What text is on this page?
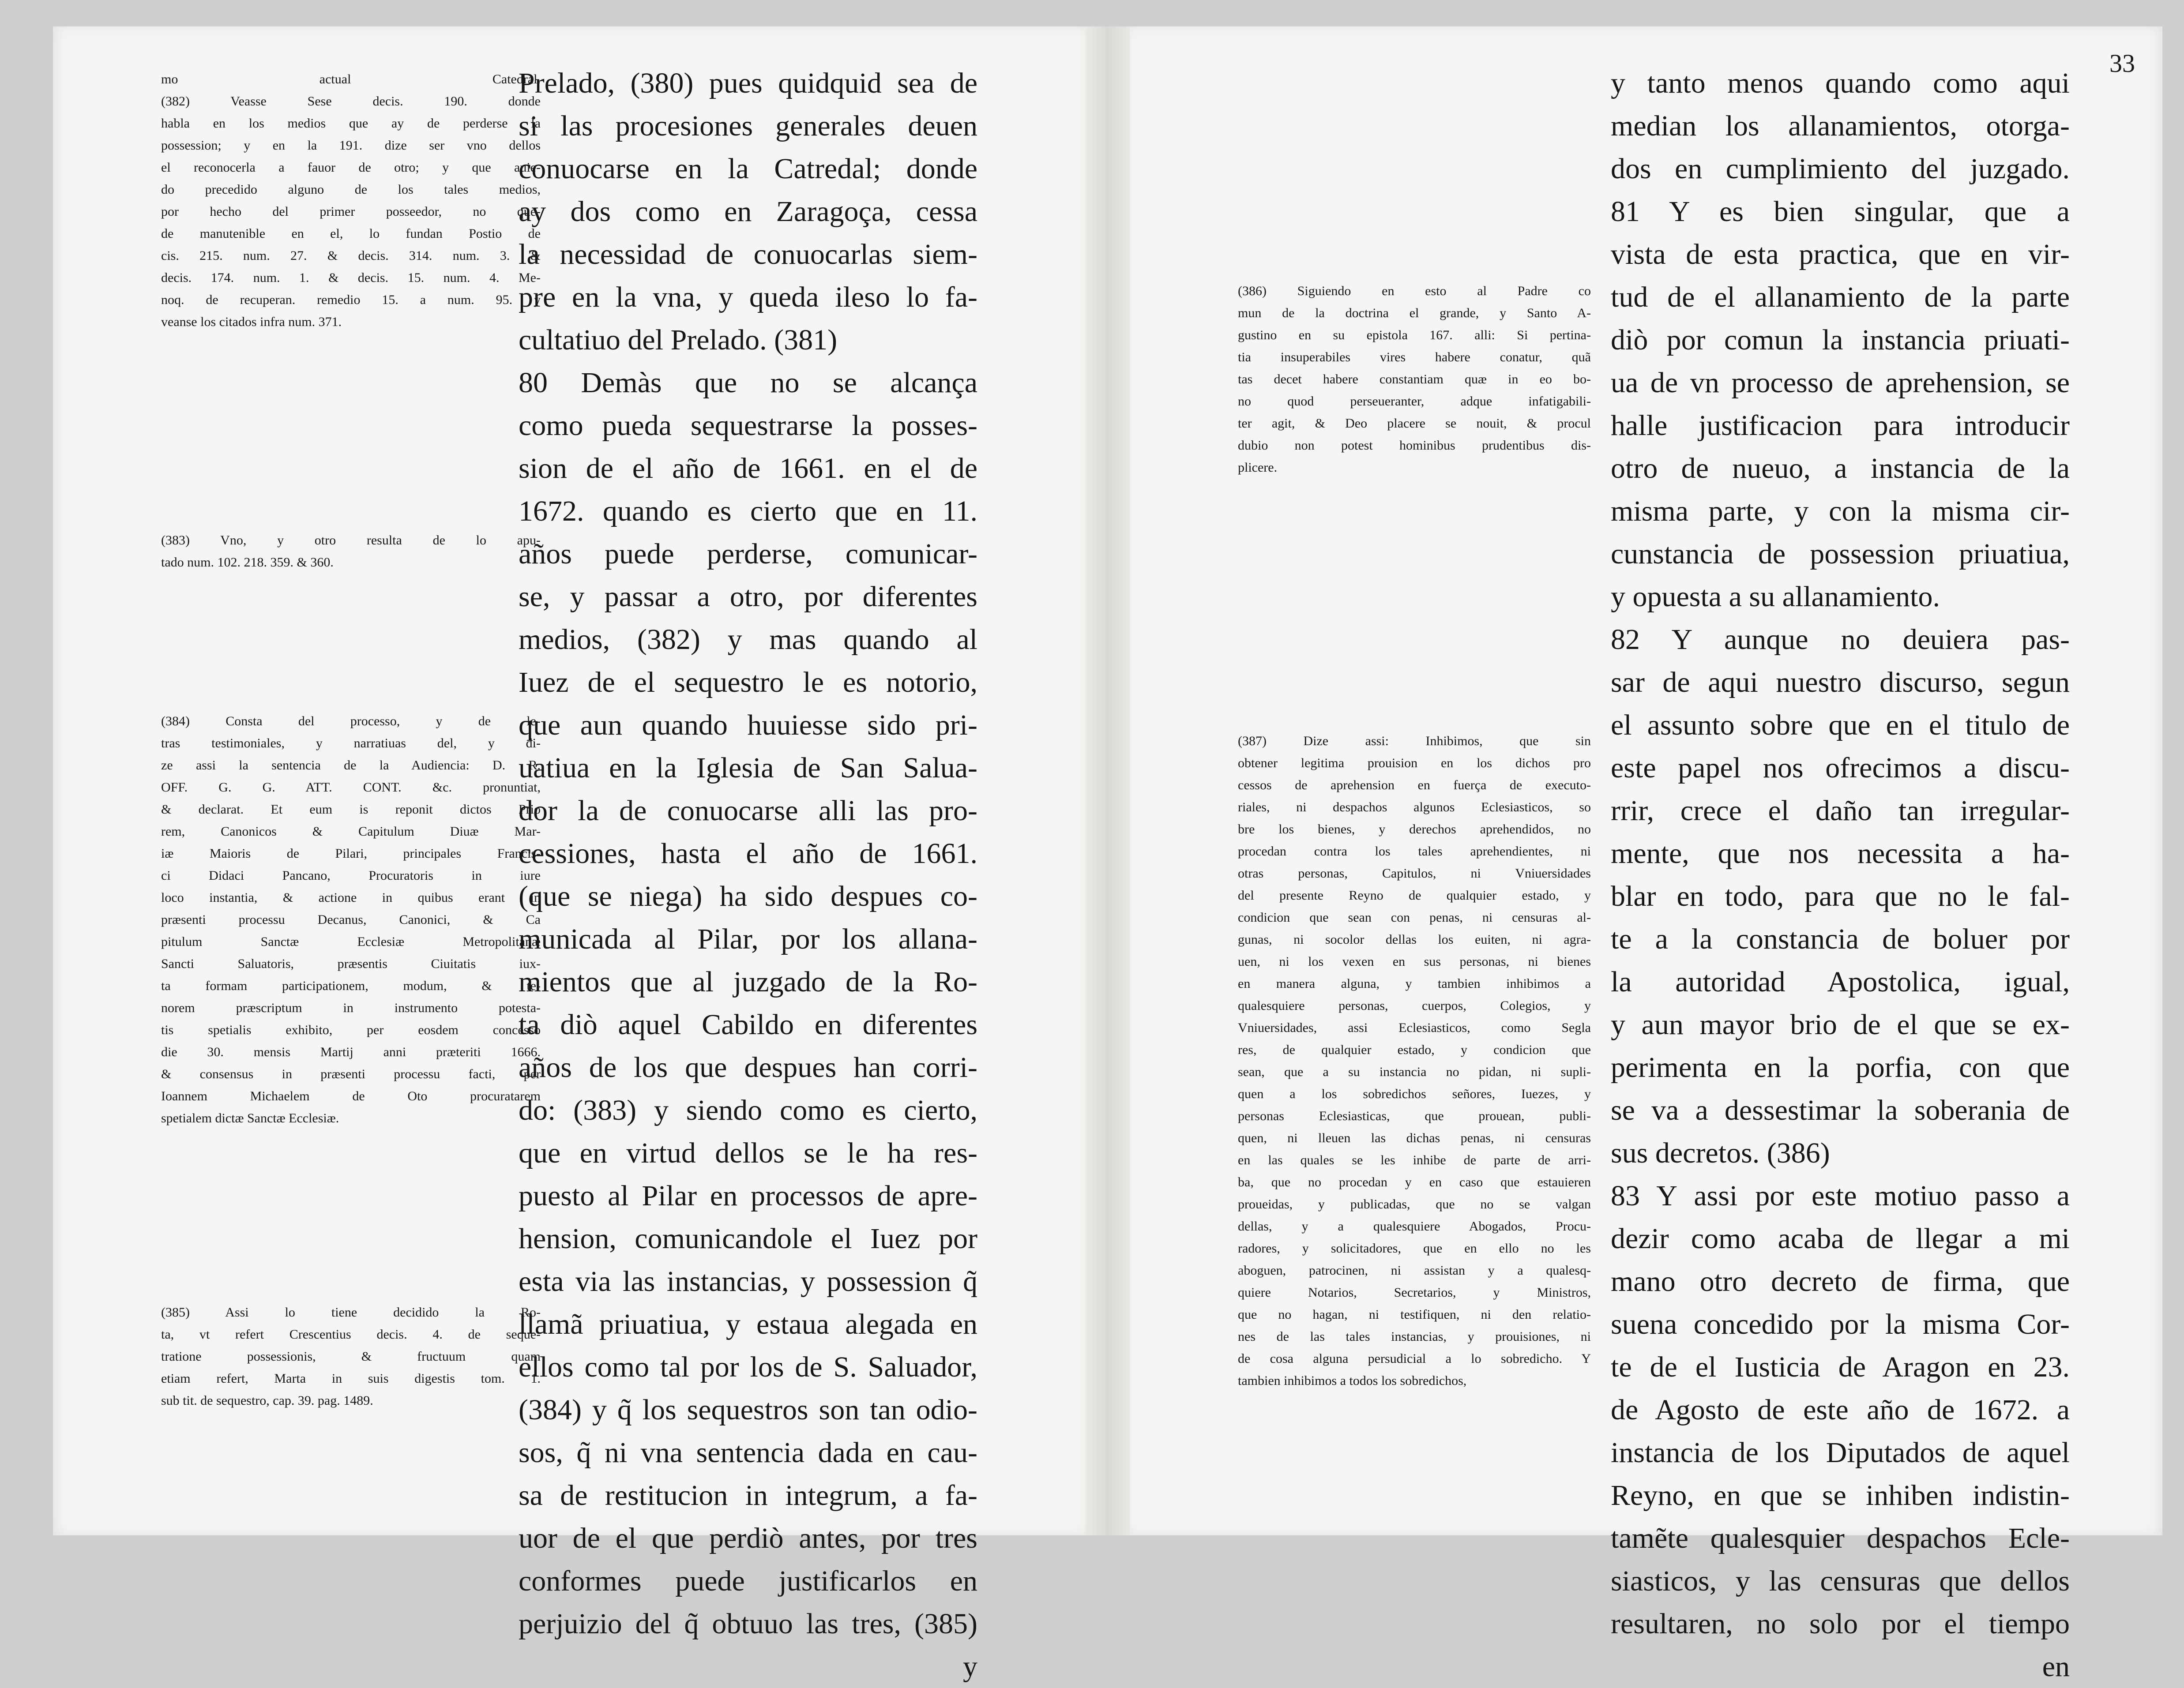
mo actual Catedral.
(382) Veasse Sese decis. 190. donde
habla en los medios que ay de perderse la
possession; y en la 191. dize ser vno dellos
el reconocerla a fauor de otro; y que auie-
do precedido alguno de los tales medios,
por hecho del primer posseedor, no que-
de manutenible en el, lo fundan Postio de
cis. 215. num. 27. & decis. 314. num. 3. &
decis. 174. num. 1. & decis. 15. num. 4. Me-
noq. de recuperan. remedio 15. a num. 95. y
veanse los citados infra num. 371.
(383) Vno, y otro resulta de lo apu-
tado num. 102. 218. 359. & 360.
(384) Consta del processo, y de le-
tras testimoniales, y narratiuas del, y di-
ze assi la sentencia de la Audiencia: D. R.
OFF. G. G. ATT. CONT. &c. pronuntiat,
& declarat. Et eum is reponit dictos Prio
rem, Canonicos & Capitulum Diuæ Mar-
iæ Maioris de Pilari, principales Francis-
ci Didaci Pancano, Procuratoris in iure
loco instantia, & actione in quibus erant in
præsenti processu Decanus, Canonici, & Ca
pitulum Sanctæ Ecclesiæ Metropolitanæ
Sancti Saluatoris, præsentis Ciuitatis iux-
ta formam participationem, modum, & te-
norem præscriptum in instrumento potesta-
tis spetialis exhibito, per eosdem concesso
die 30. mensis Martij anni præteriti 1666.
& consensus in præsenti processu facti, per
Ioannem Michaelem de Oto procuratarem
spetialem dictæ Sanctæ Ecclesiæ.
(385) Assi lo tiene decidido la Ro-
ta, vt refert Crescentius decis. 4. de seque-
tratione possessionis, & fructuum quam
etiam refert, Marta in suis digestis tom. 1.
sub tit. de sequestro, cap. 39. pag. 1489.
Prelado, (380) pues quidquid sea de
si las procesiones generales deuen
conuocarse en la Catredal; donde
ay dos como en Zaragoça, cessa
la necessidad de conuocarlas siem-
pre en la vna, y queda ileso lo fa-
cultatiuo del Prelado. (381)
80 Demàs que no se alcança
como pueda sequestrarse la posses-
sion de el año de 1661. en el de
1672. quando es cierto que en 11.
años puede perderse, comunicar-
se, y passar a otro, por diferentes
medios, (382) y mas quando al
Iuez de el sequestro le es notorio,
que aun quando huuiesse sido pri-
uatiua en la Iglesia de San Salua-
dor la de conuocarse alli las pro-
cessiones, hasta el año de 1661.
(que se niega) ha sido despues co-
municada al Pilar, por los allana-
mientos que al juzgado de la Ro-
ta diò aquel Cabildo en diferentes
años de los que despues han corri-
do: (383) y siendo como es cierto,
que en virtud dellos se le ha res-
puesto al Pilar en processos de apre-
hension, comunicandole el Iuez por
esta via las instancias, y possession q̃
llamã priuatiua, y estaua alegada en
ellos como tal por los de S. Saluador,
(384) y q̃ los sequestros son tan odio-
sos, q̃ ni vna sentencia dada en cau-
sa de restitucion in integrum, a fa-
uor de el que perdiò antes, por tres
conformes puede justificarlos en
perjuizio del q̃ obtuuo las tres, (385)
y
33
(386) Siguiendo en esto al Padre co
mun de la doctrina el grande, y Santo A-
gustino en su epistola 167. alli: Si pertina-
tia insuperabiles vires habere conatur, quã
tas decet habere constantiam quæ in eo bo-
no quod perseueranter, adque infatigabili-
ter agit, & Deo placere se nouit, & procul
dubio non potest hominibus prudentibus dis-
plicere.
(387) Dize assi: Inhibimos, que sin
obtener legitima prouision en los dichos pro
cessos de aprehension en fuerça de executo-
riales, ni despachos algunos Eclesiasticos, so
bre los bienes, y derechos aprehendidos, no
procedan contra los tales aprehendientes, ni
otras personas, Capitulos, ni Vniuersidades
del presente Reyno de qualquier estado, y
condicion que sean con penas, ni censuras al-
gunas, ni socolor dellas los euiten, ni agra-
uen, ni los vexen en sus personas, ni bienes
en manera alguna, y tambien inhibimos a
qualesquiere personas, cuerpos, Colegios, y
Vniuersidades, assi Eclesiasticos, como Segla
res, de qualquier estado, y condicion que
sean, que a su instancia no pidan, ni supli-
quen a los sobredichos señores, Iuezes, y
personas Eclesiasticas, que prouean, publi-
quen, ni lleuen las dichas penas, ni censuras
en las quales se les inhibe de parte de arri-
ba, que no procedan y en caso que estauieren
proueidas, y publicadas, que no se valgan
dellas, y a qualesquiere Abogados, Procu-
radores, y solicitadores, que en ello no les
aboguen, patrocinen, ni assistan y a qualesq-
quiere Notarios, Secretarios, y Ministros,
que no hagan, ni testifiquen, ni den relatio-
nes de las tales instancias, y prouisiones, ni
de cosa alguna persudicial a lo sobredicho. Y
tambien inhibimos a todos los sobredichos,
y tanto menos quando como aqui
median los allanamientos, otorga-
dos en cumplimiento del juzgado.
81 Y es bien singular, que a
vista de esta practica, que en vir-
tud de el allanamiento de la parte
diò por comun la instancia priuati-
ua de vn processo de aprehension, se
halle justificacion para introducir
otro de nueuo, a instancia de la
misma parte, y con la misma cir-
cunstancia de possession priuatiua,
y opuesta a su allanamiento.
82 Y aunque no deuiera pas-
sar de aqui nuestro discurso, segun
el assunto sobre que en el titulo de
este papel nos ofrecimos a discu-
rrir, crece el daño tan irregular-
mente, que nos necessita a ha-
blar en todo, para que no le fal-
te a la constancia de boluer por
la autoridad Apostolica, igual,
y aun mayor brio de el que se ex-
perimenta en la porfia, con que
se va a dessestimar la soberania de
sus decretos. (386)
83 Y assi por este motiuo passo a
dezir como acaba de llegar a mi
mano otro decreto de firma, que
suena concedido por la misma Cor-
te de el Iusticia de Aragon en 23.
de Agosto de este año de 1672. a
instancia de los Diputados de aquel
Reyno, en que se inhiben indistin-
tamẽte qualesquier despachos Ecle-
siasticos, y las censuras que dellos
resultaren, no solo por el tiempo
en
